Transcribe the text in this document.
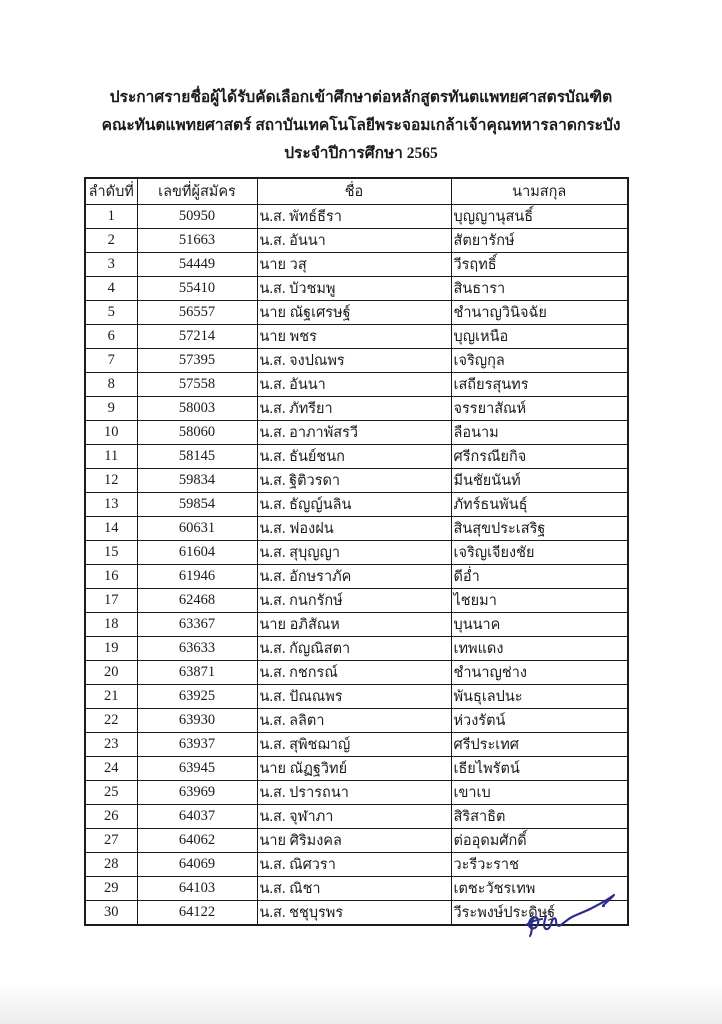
ประกาศรายชื่อผู้ได้รับคัดเลือกเข้าศึกษาต่อหลักสูตรทันตแพทยศาสตรบัณฑิต
คณะทันตแพทยศาสตร์ สถาบันเทคโนโลยีพระจอมเกล้าเจ้าคุณทหารลาดกระบัง
ประจำปีการศึกษา 2565
ลำดับที่	เลขที่ผู้สมัคร	ชื่อ	นามสกุล
1	50950	น.ส. พัทธ์ธีรา	บุญญานุสนธิ์
2	51663	น.ส. อันนา	สัตยารักษ์
3	54449	นาย วสุ	วีรฤทธิ์
4	55410	น.ส. บัวชมพู	สินธารา
5	56557	นาย ณัฐเศรษฐ์	ชำนาญวินิจฉัย
6	57214	นาย พชร	บุญเหนือ
7	57395	น.ส. จงปณพร	เจริญกุล
8	57558	น.ส. อันนา	เสถียรสุนทร
9	58003	น.ส. ภัทรียา	จรรยาสัณห์
10	58060	น.ส. อาภาพัสรวี	ลือนาม
11	58145	น.ส. ธันย์ชนก	ศรีกรณียกิจ
12	59834	น.ส. ฐิติวรดา	มีนชัยนันท์
13	59854	น.ส. ธัญญ์นลิน	ภัทร์ธนพันธุ์
14	60631	น.ส. ฟองฝน	สินสุขประเสริฐ
15	61604	น.ส. สุบุญญา	เจริญเจียงชัย
16	61946	น.ส. อักษราภัค	ดีอ่ำ
17	62468	น.ส. กนกรักษ์	ไชยมา
18	63367	นาย อภิสัณห	บุนนาค
19	63633	น.ส. กัญณิสตา	เทพแดง
20	63871	น.ส. กชกรณ์	ชำนาญช่าง
21	63925	น.ส. ปัณณพร	พันธุเลปนะ
22	63930	น.ส. ลลิตา	ห่วงรัตน์
23	63937	น.ส. สุพิชฌาญ์	ศรีประเทศ
24	63945	นาย ณัฏฐวิทย์	เธียไพรัตน์
25	63969	น.ส. ปรารถนา	เขาเบ
26	64037	น.ส. จุฬาภา	สิริสาธิต
27	64062	นาย ศิริมงคล	ต่ออุดมศักดิ์
28	64069	น.ส. ณิศวรา	วะรีวะราช
29	64103	น.ส. ณิชา	เตชะวัชรเทพ
30	64122	น.ส. ชชุบุรพร	วีระพงษ์ประดิษฐ์
